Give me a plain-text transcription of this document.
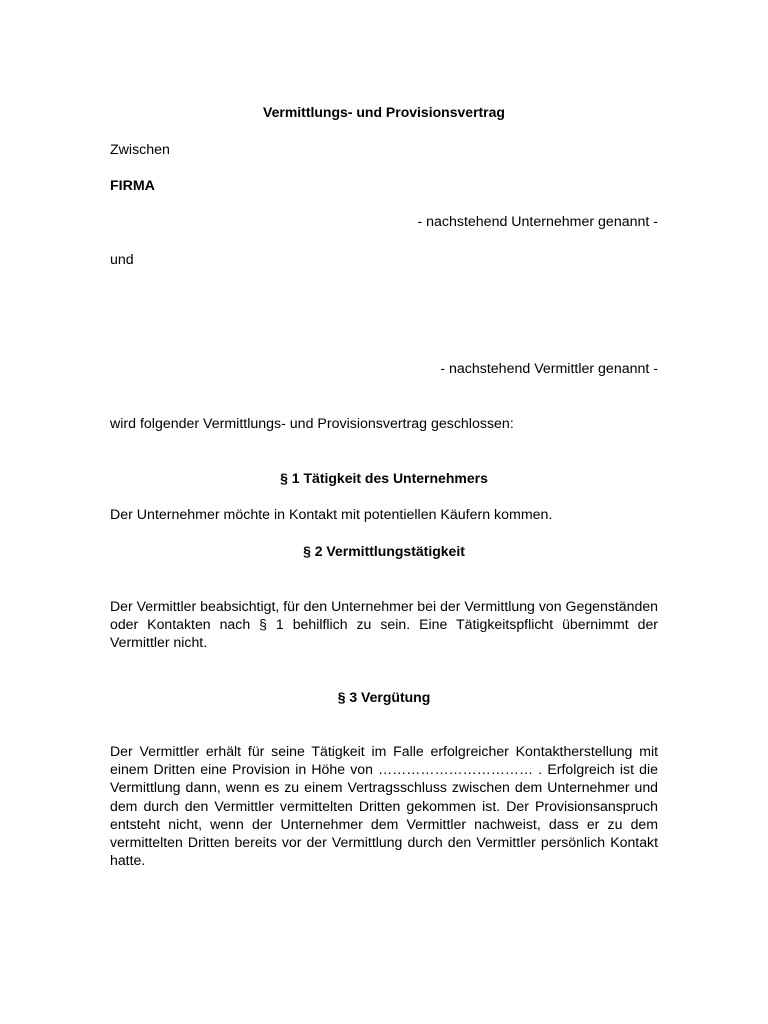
Vermittlungs- und Provisionsvertrag
Zwischen
FIRMA
- nachstehend Unternehmer genannt -
und
- nachstehend Vermittler genannt -
wird folgender Vermittlungs- und Provisionsvertrag geschlossen:
§ 1 Tätigkeit des Unternehmers

Der Unternehmer möchte in Kontakt mit potentiellen Käufern kommen.

§ 2 Vermittlungstätigkeit

Der Vermittler beabsichtigt, für den Unternehmer bei der Vermittlung von Gegenständen oder Kontakten nach § 1 behilflich zu sein. Eine Tätigkeitspflicht übernimmt der Vermittler nicht.

§ 3 Vergütung

Der Vermittler erhält für seine Tätigkeit im Falle erfolgreicher Kontaktherstellung mit einem Dritten eine Provision in Höhe von …………………………… . Erfolgreich ist die Vermittlung dann, wenn es zu einem Vertragsschluss zwischen dem Unternehmer und dem durch den Vermittler vermittelten Dritten gekommen ist. Der Provisionsanspruch entsteht nicht, wenn der Unternehmer dem Vermittler nachweist, dass er zu dem vermittelten Dritten bereits vor der Vermittlung durch den Vermittler persönlich Kontakt hatte.
